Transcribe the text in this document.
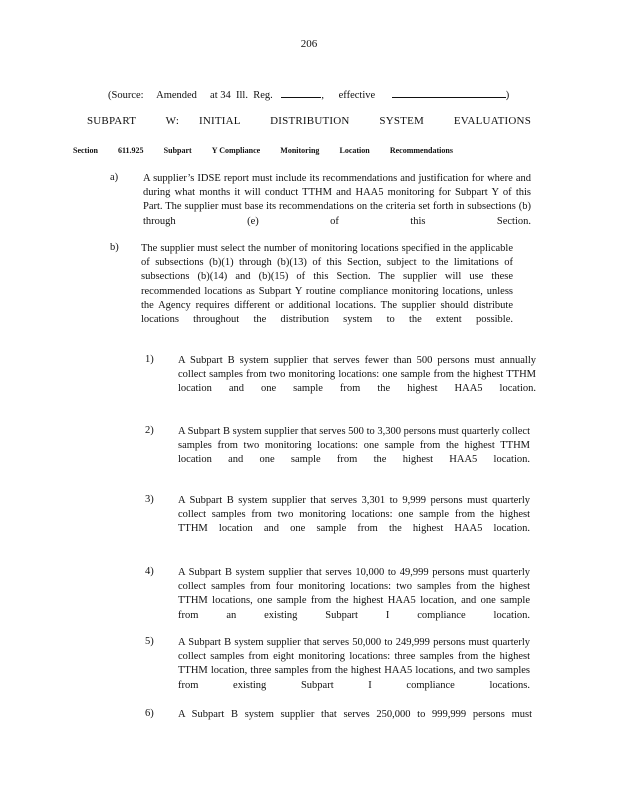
206
(Source:     Amended     at 34  Ill.  Reg.	, effective	)
SUBPART   W:  INITIAL   DISTRIBUTION   SYSTEM   EVALUATIONS
Section	611.925	Subpart	Y Compliance	Monitoring	Location	Recommendations
a) A supplier’s IDSE report must include its recommendations and justification for where and during what months it will conduct TTHM and HAA5 monitoring for Subpart Y of this Part. The supplier must base its recommendations on the criteria set forth in subsections (b) through (e) of this Section.
b) The supplier must select the number of monitoring locations specified in the applicable of subsections (b)(1) through (b)(13) of this Section, subject to the limitations of subsections (b)(14) and (b)(15) of this Section. The supplier will use these recommended locations as Subpart Y routine compliance monitoring locations, unless the Agency requires different or additional locations. The supplier should distribute locations throughout the distribution system to the extent possible.
1) A Subpart B system supplier that serves fewer than 500 persons must annually collect samples from two monitoring locations: one sample from the highest TTHM location and one sample from the highest HAA5 location.
2) A Subpart B system supplier that serves 500 to 3,300 persons must quarterly collect samples from two monitoring locations: one sample from the highest TTHM location and one sample from the highest HAA5 location.
3) A Subpart B system supplier that serves 3,301 to 9,999 persons must quarterly collect samples from two monitoring locations: one sample from the highest TTHM location and one sample from the highest HAA5 location.
4) A Subpart B system supplier that serves 10,000 to 49,999 persons must quarterly collect samples from four monitoring locations: two samples from the highest TTHM locations, one sample from the highest HAA5 location, and one sample from an existing Subpart I compliance location.
5) A Subpart B system supplier that serves 50,000 to 249,999 persons must quarterly collect samples from eight monitoring locations: three samples from the highest TTHM location, three samples from the highest HAA5 locations, and two samples from existing Subpart I compliance locations.
6) A Subpart B system supplier that serves 250,000 to 999,999 persons must
